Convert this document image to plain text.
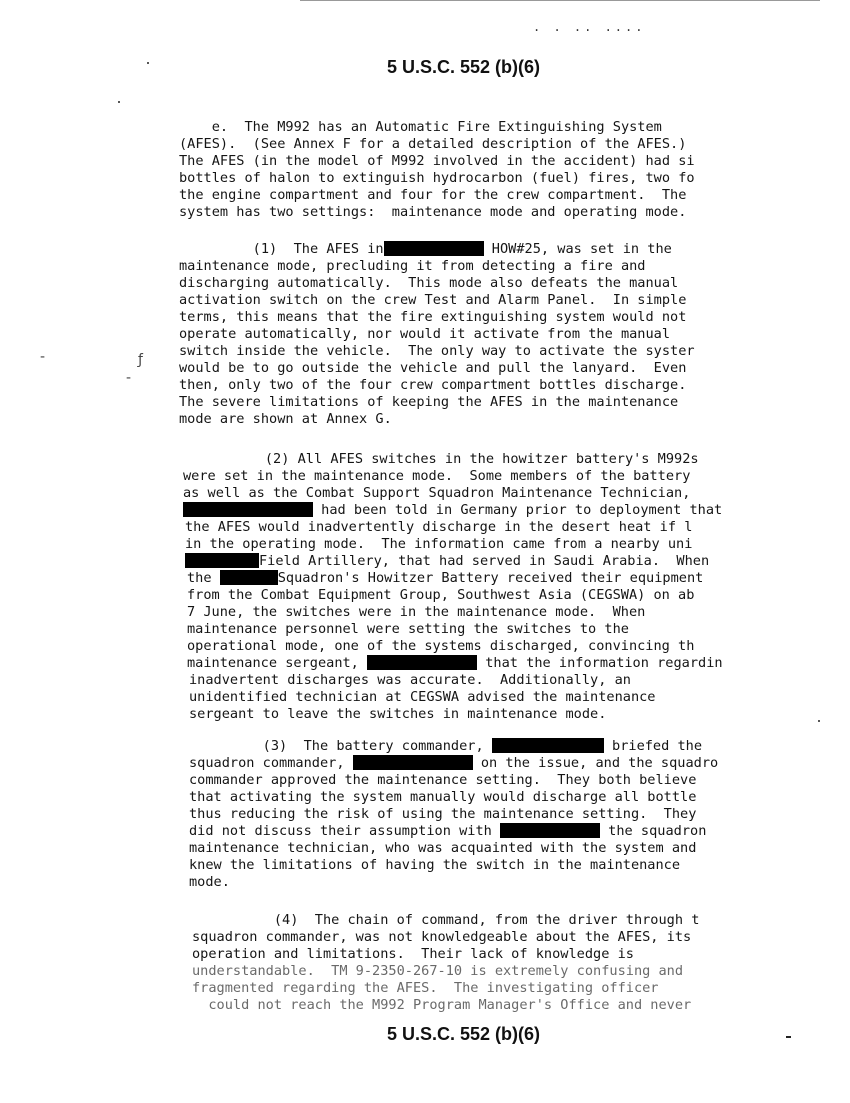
. . .. ....
5 U.S.C. 552 (b)(6)
ƒ
-
-
e.  The M992 has an Automatic Fire Extinguishing System
(AFES).  (See Annex F for a detailed description of the AFES.)
The AFES (in the model of M992 involved in the accident) had si
bottles of halon to extinguish hydrocarbon (fuel) fires, two fo
the engine compartment and four for the crew compartment.  The
system has two settings:  maintenance mode and operating mode.
(1)  The AFES in	HOW#25, was set in the
maintenance mode, precluding it from detecting a fire and
discharging automatically.  This mode also defeats the manual
activation switch on the crew Test and Alarm Panel.  In simple
terms, this means that the fire extinguishing system would not
operate automatically, nor would it activate from the manual
switch inside the vehicle.  The only way to activate the syster
would be to go outside the vehicle and pull the lanyard.  Even
then, only two of the four crew compartment bottles discharge.
The severe limitations of keeping the AFES in the maintenance
mode are shown at Annex G.
(2) All AFES switches in the howitzer battery's M992s
were set in the maintenance mode.  Some members of the battery
as well as the Combat Support Squadron Maintenance Technician,
had been told in Germany prior to deployment that
the AFES would inadvertently discharge in the desert heat if l
in the operating mode.  The information came from a nearby uni
Field Artillery, that had served in Saudi Arabia.  When
the	Squadron's Howitzer Battery received their equipment
from the Combat Equipment Group, Southwest Asia (CEGSWA) on ab
7 June, the switches were in the maintenance mode.  When
maintenance personnel were setting the switches to the
operational mode, one of the systems discharged, convincing th
maintenance sergeant,	that the information regardin
inadvertent discharges was accurate.  Additionally, an
unidentified technician at CEGSWA advised the maintenance
sergeant to leave the switches in maintenance mode.
(3)  The battery commander,	briefed the
squadron commander,	on the issue, and the squadro
commander approved the maintenance setting.  They both believe
that activating the system manually would discharge all bottle
thus reducing the risk of using the maintenance setting.  They
did not discuss their assumption with	the squadron
maintenance technician, who was acquainted with the system and
knew the limitations of having the switch in the maintenance
mode.
(4)  The chain of command, from the driver through t
squadron commander, was not knowledgeable about the AFES, its
operation and limitations.  Their lack of knowledge is
understandable.  TM 9-2350-267-10 is extremely confusing and
fragmented regarding the AFES.  The investigating officer
could not reach the M992 Program Manager's Office and never
5 U.S.C. 552 (b)(6)
